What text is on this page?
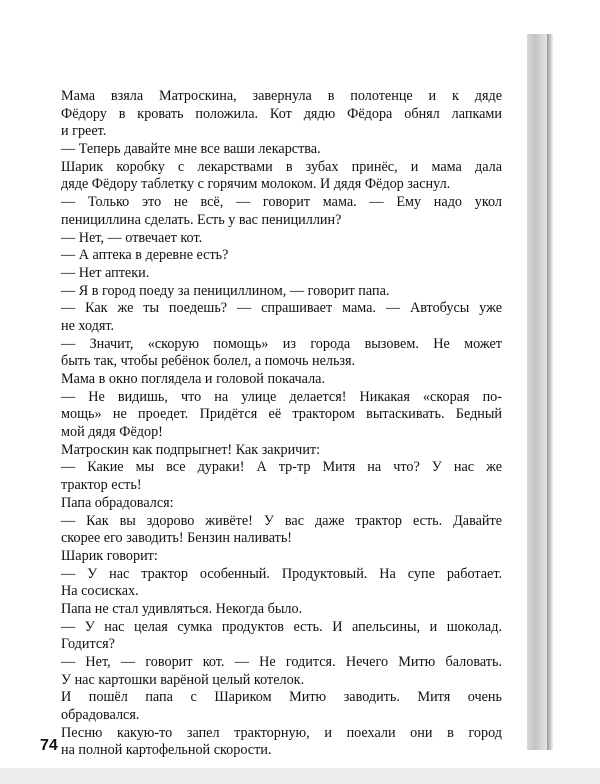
Мама взяла Матроскина, завернула в полотенце и к дяде
Фёдору в кровать положила. Кот дядю Фёдора обнял лапками
и греет.
— Теперь давайте мне все ваши лекарства.
Шарик коробку с лекарствами в зубах принёс, и мама дала
дяде Фёдору таблетку с горячим молоком. И дядя Фёдор заснул.
— Только это не всё, — говорит мама. — Ему надо укол
пенициллина сделать. Есть у вас пенициллин?
— Нет, — отвечает кот.
— А аптека в деревне есть?
— Нет аптеки.
— Я в город поеду за пенициллином, — говорит папа.
— Как же ты поедешь? — спрашивает мама. — Автобусы уже
не ходят.
— Значит, «скорую помощь» из города вызовем. Не может
быть так, чтобы ребёнок болел, а помочь нельзя.
Мама в окно поглядела и головой покачала.
— Не видишь, что на улице делается! Никакая «скорая по-
мощь» не проедет. Придётся её трактором вытаскивать. Бедный
мой дядя Фёдор!
Матроскин как подпрыгнет! Как закричит:
— Какие мы все дураки! А тр-тр Митя на что? У нас же
трактор есть!
Папа обрадовался:
— Как вы здорово живёте! У вас даже трактор есть. Давайте
скорее его заводить! Бензин наливать!
Шарик говорит:
— У нас трактор особенный. Продуктовый. На супе работает.
На сосисках.
Папа не стал удивляться. Некогда было.
— У нас целая сумка продуктов есть. И апельсины, и шоколад.
Годится?
— Нет, — говорит кот. — Не годится. Нечего Митю баловать.
У нас картошки варёной целый котелок.
И пошёл папа с Шариком Митю заводить. Митя очень
обрадовался.
Песню какую-то запел тракторную, и поехали они в город
на полной картофельной скорости.
74
